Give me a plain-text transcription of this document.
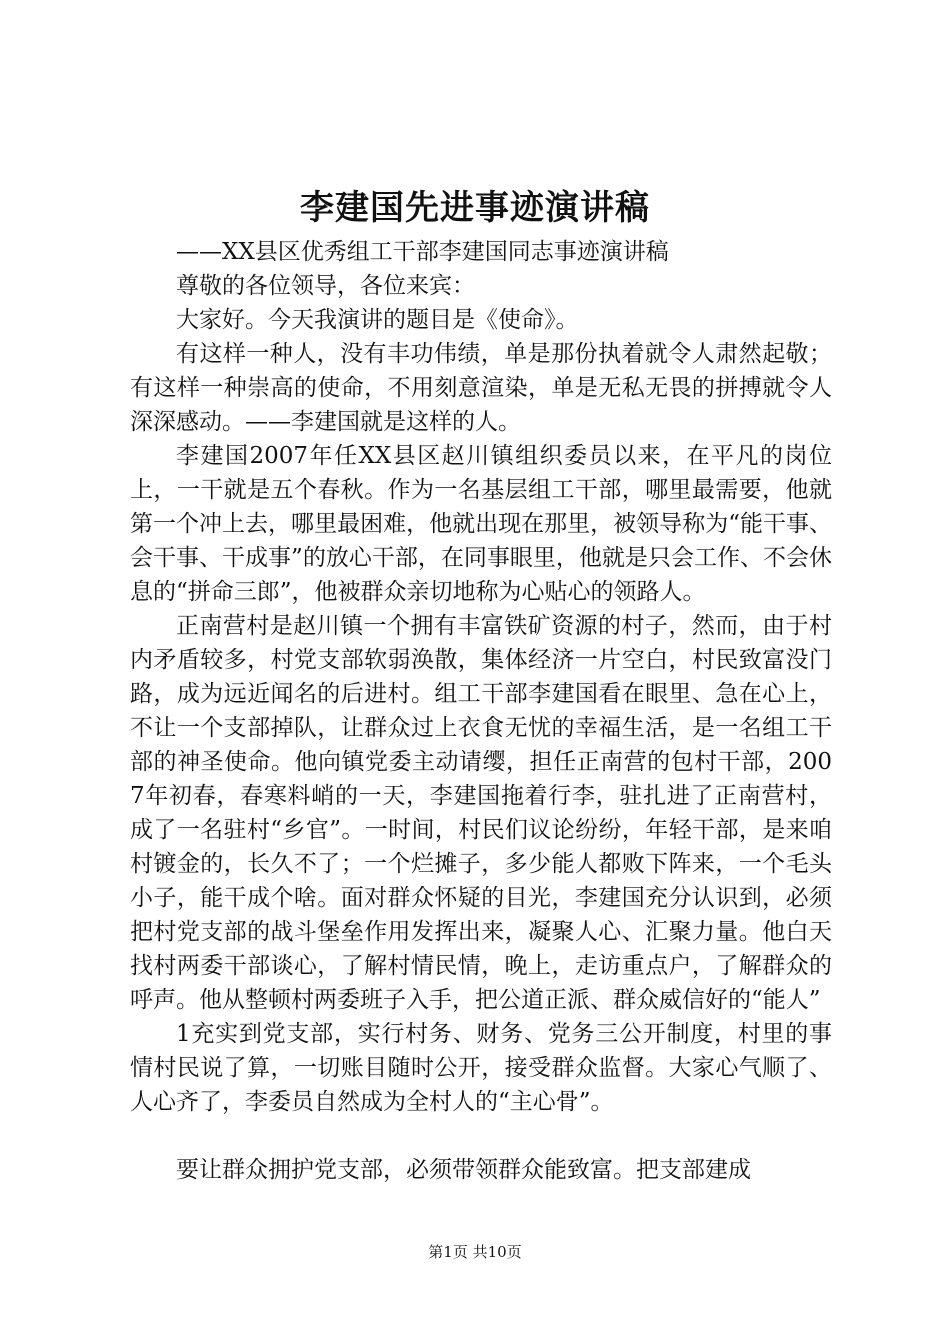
李建国先进事迹演讲稿

——XX县区优秀组工干部李建国同志事迹演讲稿

尊敬的各位领导，各位来宾：

大家好。今天我演讲的题目是《使命》。

有这样一种人，没有丰功伟绩，单是那份执着就令人肃然起敬；有这样一种崇高的使命，不用刻意渲染，单是无私无畏的拼搏就令人深深感动。——李建国就是这样的人。

李建国2007年任XX县区赵川镇组织委员以来，在平凡的岗位上，一干就是五个春秋。作为一名基层组工干部，哪里最需要，他就第一个冲上去，哪里最困难，他就出现在那里，被领导称为“能干事、会干事、干成事”的放心干部，在同事眼里，他就是只会工作、不会休息的“拼命三郎”，他被群众亲切地称为心贴心的领路人。

正南营村是赵川镇一个拥有丰富铁矿资源的村子，然而，由于村内矛盾较多，村党支部软弱涣散，集体经济一片空白，村民致富没门路，成为远近闻名的后进村。组工干部李建国看在眼里、急在心上，不让一个支部掉队，让群众过上衣食无忧的幸福生活，是一名组工干部的神圣使命。他向镇党委主动请缨，担任正南营的包村干部，2007年初春，春寒料峭的一天，李建国拖着行李，驻扎进了正南营村，成了一名驻村“乡官”。一时间，村民们议论纷纷，年轻干部，是来咱村镀金的，长久不了；一个烂摊子，多少能人都败下阵来，一个毛头小子，能干成个啥。面对群众怀疑的目光，李建国充分认识到，必须把村党支部的战斗堡垒作用发挥出来，凝聚人心、汇聚力量。他白天找村两委干部谈心，了解村情民情，晚上，走访重点户，了解群众的呼声。他从整顿村两委班子入手，把公道正派、群众威信好的“能人”

1充实到党支部，实行村务、财务、党务三公开制度，村里的事情村民说了算，一切账目随时公开，接受群众监督。大家心气顺了、人心齐了，李委员自然成为全村人的“主心骨”。

要让群众拥护党支部，必须带领群众能致富。把支部建成

第1页 共10页
